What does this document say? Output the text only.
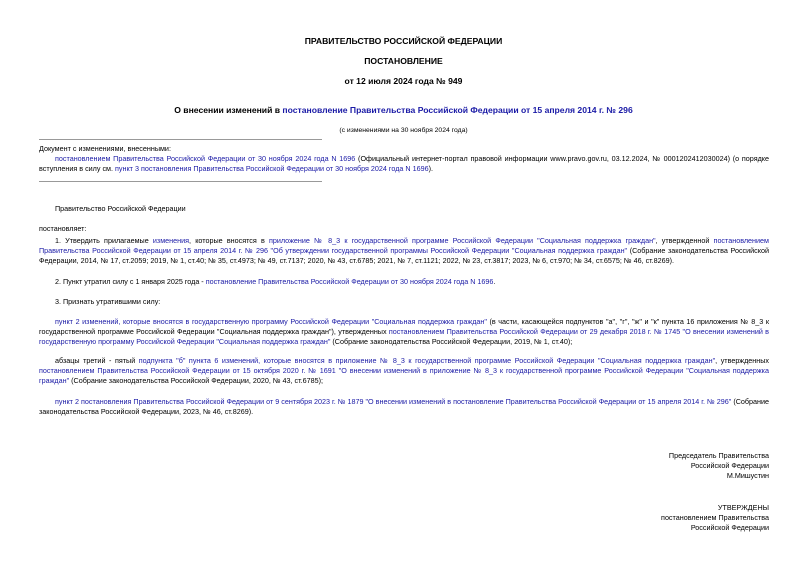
ПРАВИТЕЛЬСТВО РОССИЙСКОЙ ФЕДЕРАЦИИ
ПОСТАНОВЛЕНИЕ
от 12 июля 2024 года № 949
О внесении изменений в постановление Правительства Российской Федерации от 15 апреля 2014 г. № 296
(с изменениями на 30 ноября 2024 года)
Документ с изменениями, внесенными:
постановлением Правительства Российской Федерации от 30 ноября 2024 года N 1696 (Официальный интернет-портал правовой информации www.pravo.gov.ru, 03.12.2024, № 0001202412030024) (о порядке вступления в силу см. пункт 3 постановления Правительства Российской Федерации от 30 ноября 2024 года N 1696).
Правительство Российской Федерации
постановляет:
1. Утвердить прилагаемые изменения, которые вносятся в приложение № 8_3 к государственной программе Российской Федерации "Социальная поддержка граждан", утвержденной постановлением Правительства Российской Федерации от 15 апреля 2014 г. № 296 "Об утверждении государственной программы Российской Федерации "Социальная поддержка граждан" (Собрание законодательства Российской Федерации, 2014, № 17, ст.2059; 2019, № 1, ст.40; № 35, ст.4973; № 49, ст.7137; 2020, № 43, ст.6785; 2021, № 7, ст.1121; 2022, № 23, ст.3817; 2023, № 6, ст.970; № 34, ст.6575; № 46, ст.8269).
2. Пункт утратил силу с 1 января 2025 года - постановление Правительства Российской Федерации от 30 ноября 2024 года N 1696.
3. Признать утратившими силу:
пункт 2 изменений, которые вносятся в государственную программу Российской Федерации "Социальная поддержка граждан" (в части, касающейся подпунктов "а", "г", "ж" и "к" пункта 16 приложения № 8_3 к государственной программе Российской Федерации "Социальная поддержка граждан"), утвержденных постановлением Правительства Российской Федерации от 29 декабря 2018 г. № 1745 "О внесении изменений в государственную программу Российской Федерации "Социальная поддержка граждан" (Собрание законодательства Российской Федерации, 2019, № 1, ст.40);
абзацы третий - пятый подпункта "б" пункта 6 изменений, которые вносятся в приложение № 8_3 к государственной программе Российской Федерации "Социальная поддержка граждан", утвержденных постановлением Правительства Российской Федерации от 15 октября 2020 г. № 1691 "О внесении изменений в приложение № 8_3 к государственной программе Российской Федерации "Социальная поддержка граждан" (Собрание законодательства Российской Федерации, 2020, № 43, ст.6785);
пункт 2 постановления Правительства Российской Федерации от 9 сентября 2023 г. № 1879 "О внесении изменений в постановление Правительства Российской Федерации от 15 апреля 2014 г. № 296" (Собрание законодательства Российской Федерации, 2023, № 46, ст.8269).
Председатель Правительства
Российской Федерации
М.Мишустин
УТВЕРЖДЕНЫ
постановлением Правительства
Российской Федерации
